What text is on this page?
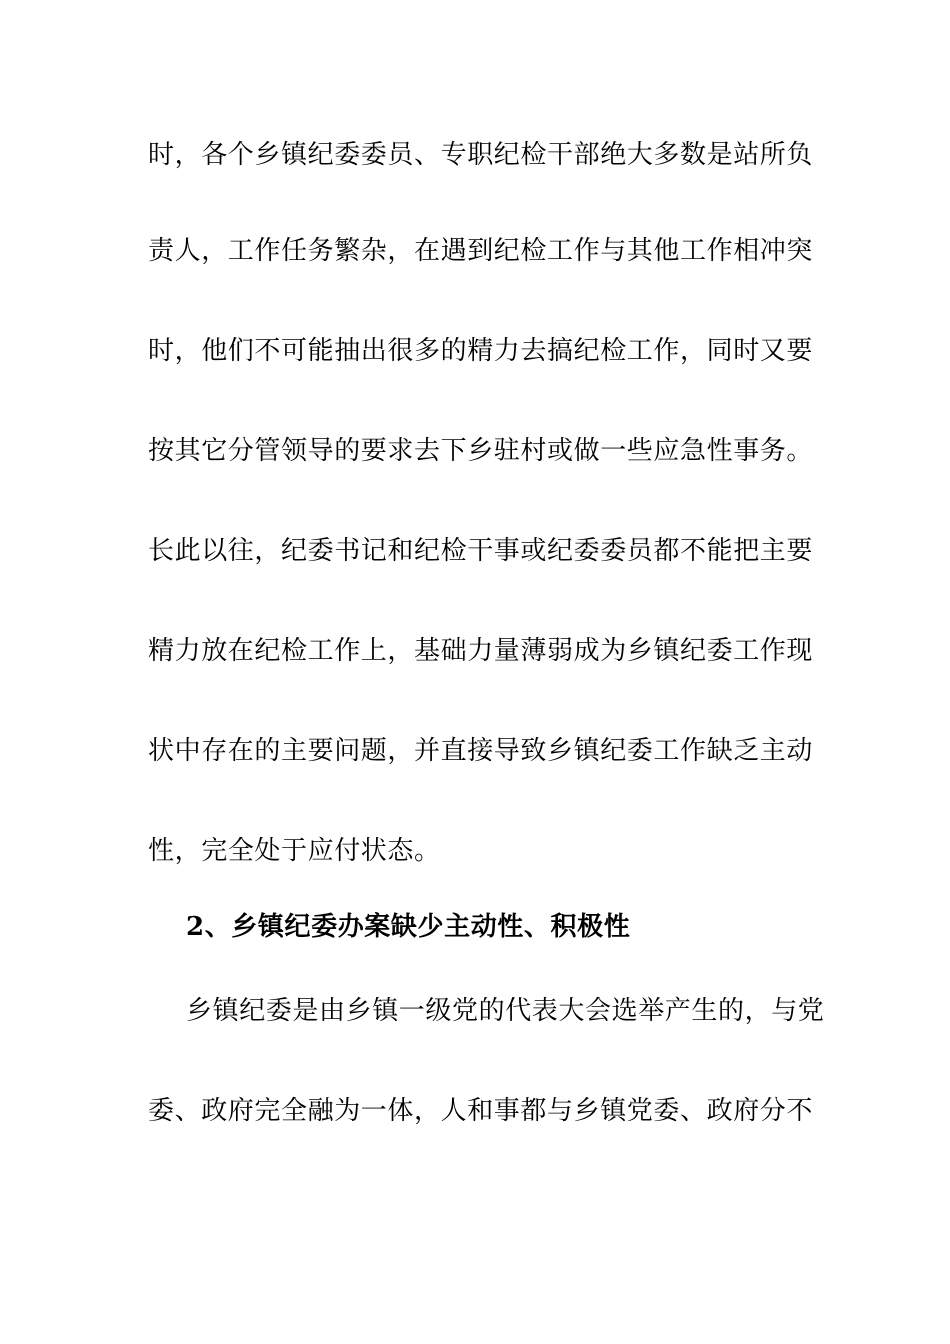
时，各个乡镇纪委委员、专职纪检干部绝大多数是站所负
责人，工作任务繁杂，在遇到纪检工作与其他工作相冲突
时，他们不可能抽出很多的精力去搞纪检工作，同时又要
按其它分管领导的要求去下乡驻村或做一些应急性事务。
长此以往，纪委书记和纪检干事或纪委委员都不能把主要
精力放在纪检工作上，基础力量薄弱成为乡镇纪委工作现
状中存在的主要问题，并直接导致乡镇纪委工作缺乏主动
性，完全处于应付状态。
2、乡镇纪委办案缺少主动性、积极性
乡镇纪委是由乡镇一级党的代表大会选举产生的，与党
委、政府完全融为一体，人和事都与乡镇党委、政府分不
